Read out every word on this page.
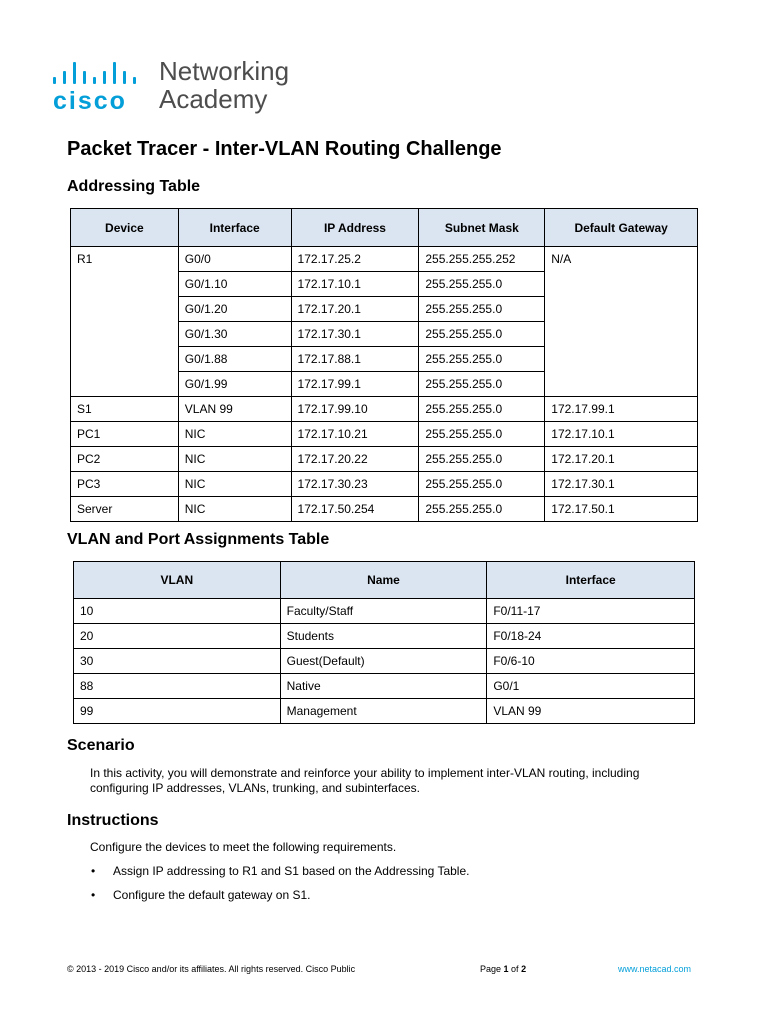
cisco
Networking
Academy
Packet Tracer - Inter-VLAN Routing Challenge
Addressing Table
Device	Interface	IP Address	Subnet Mask	Default Gateway
R1	G0/0	172.17.25.2	255.255.255.252	N/A
	G0/1.10	172.17.10.1	255.255.255.0	
	G0/1.20	172.17.20.1	255.255.255.0	
	G0/1.30	172.17.30.1	255.255.255.0	
	G0/1.88	172.17.88.1	255.255.255.0	
	G0/1.99	172.17.99.1	255.255.255.0	
S1	VLAN 99	172.17.99.10	255.255.255.0	172.17.99.1
PC1	NIC	172.17.10.21	255.255.255.0	172.17.10.1
PC2	NIC	172.17.20.22	255.255.255.0	172.17.20.1
PC3	NIC	172.17.30.23	255.255.255.0	172.17.30.1
Server	NIC	172.17.50.254	255.255.255.0	172.17.50.1
VLAN and Port Assignments Table
VLAN	Name	Interface
10	Faculty/Staff	F0/11-17
20	Students	F0/18-24
30	Guest(Default)	F0/6-10
88	Native	G0/1
99	Management	VLAN 99
Scenario
In this activity, you will demonstrate and reinforce your ability to implement inter-VLAN routing, including configuring IP addresses, VLANs, trunking, and subinterfaces.
Instructions
Configure the devices to meet the following requirements.
• Assign IP addressing to R1 and S1 based on the Addressing Table.
• Configure the default gateway on S1.
© 2013 - 2019 Cisco and/or its affiliates. All rights reserved. Cisco Public	Page 1 of 2	www.netacad.com
